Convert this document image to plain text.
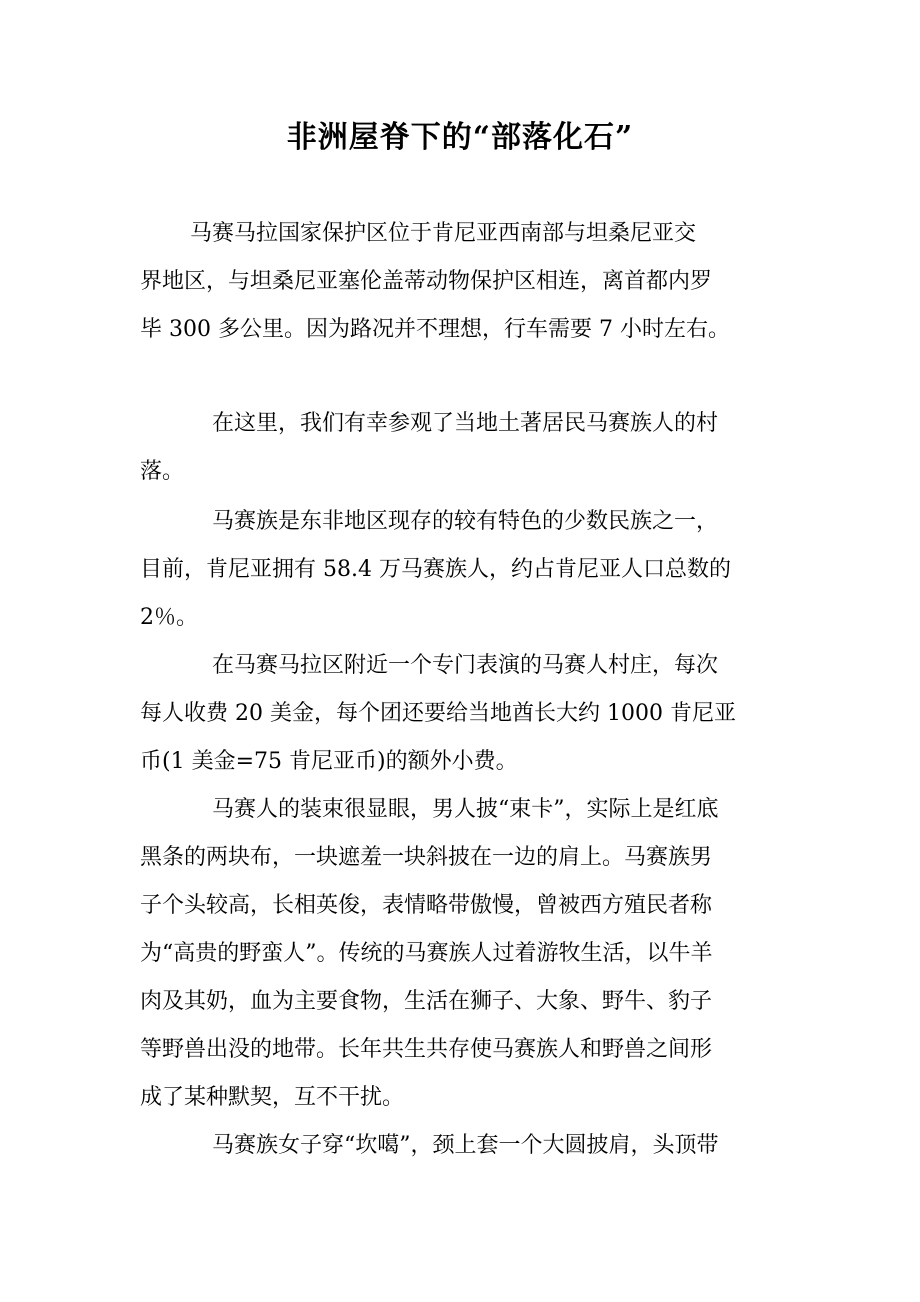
非洲屋脊下的“部落化石”
马赛马拉国家保护区位于肯尼亚西南部与坦桑尼亚交
界地区，与坦桑尼亚塞伦盖蒂动物保护区相连，离首都内罗
毕 300 多公里。因为路况并不理想，行车需要 7 小时左右。
在这里，我们有幸参观了当地土著居民马赛族人的村
落。
马赛族是东非地区现存的较有特色的少数民族之一，
目前，肯尼亚拥有 58.4 万马赛族人，约占肯尼亚人口总数的
2％。
在马赛马拉区附近一个专门表演的马赛人村庄，每次
每人收费 20 美金，每个团还要给当地酋长大约 1000 肯尼亚
币(1 美金=75 肯尼亚币)的额外小费。
马赛人的装束很显眼，男人披“束卡”，实际上是红底
黑条的两块布，一块遮羞一块斜披在一边的肩上。马赛族男
子个头较高，长相英俊，表情略带傲慢，曾被西方殖民者称
为“高贵的野蛮人”。传统的马赛族人过着游牧生活，以牛羊
肉及其奶，血为主要食物，生活在狮子、大象、野牛、豹子
等野兽出没的地带。长年共生共存使马赛族人和野兽之间形
成了某种默契，互不干扰。
马赛族女子穿“坎噶”，颈上套一个大圆披肩，头顶带
